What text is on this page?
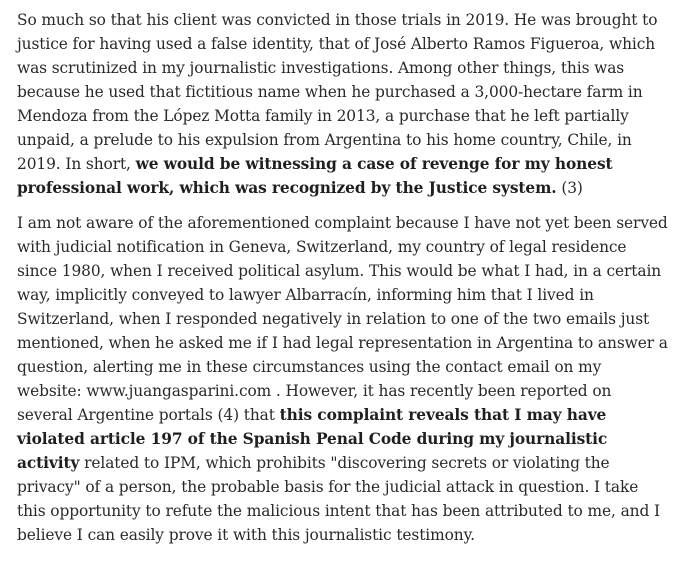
So much so that his client was convicted in those trials in 2019. He was brought to justice for having used a false identity, that of José Alberto Ramos Figueroa, which was scrutinized in my journalistic investigations. Among other things, this was because he used that fictitious name when he purchased a 3,000-hectare farm in Mendoza from the López Motta family in 2013, a purchase that he left partially unpaid, a prelude to his expulsion from Argentina to his home country, Chile, in 2019. In short, we would be witnessing a case of revenge for my honest professional work, which was recognized by the Justice system. (3)

I am not aware of the aforementioned complaint because I have not yet been served with judicial notification in Geneva, Switzerland, my country of legal residence since 1980, when I received political asylum. This would be what I had, in a certain way, implicitly conveyed to lawyer Albarracín, informing him that I lived in Switzerland, when I responded negatively in relation to one of the two emails just mentioned, when he asked me if I had legal representation in Argentina to answer a question, alerting me in these circumstances using the contact email on my website: www.juangasparini.com . However, it has recently been reported on several Argentine portals (4) that this complaint reveals that I may have violated article 197 of the Spanish Penal Code during my journalistic activity related to IPM, which prohibits "discovering secrets or violating the privacy" of a person, the probable basis for the judicial attack in question. I take this opportunity to refute the malicious intent that has been attributed to me, and I believe I can easily prove it with this journalistic testimony.
